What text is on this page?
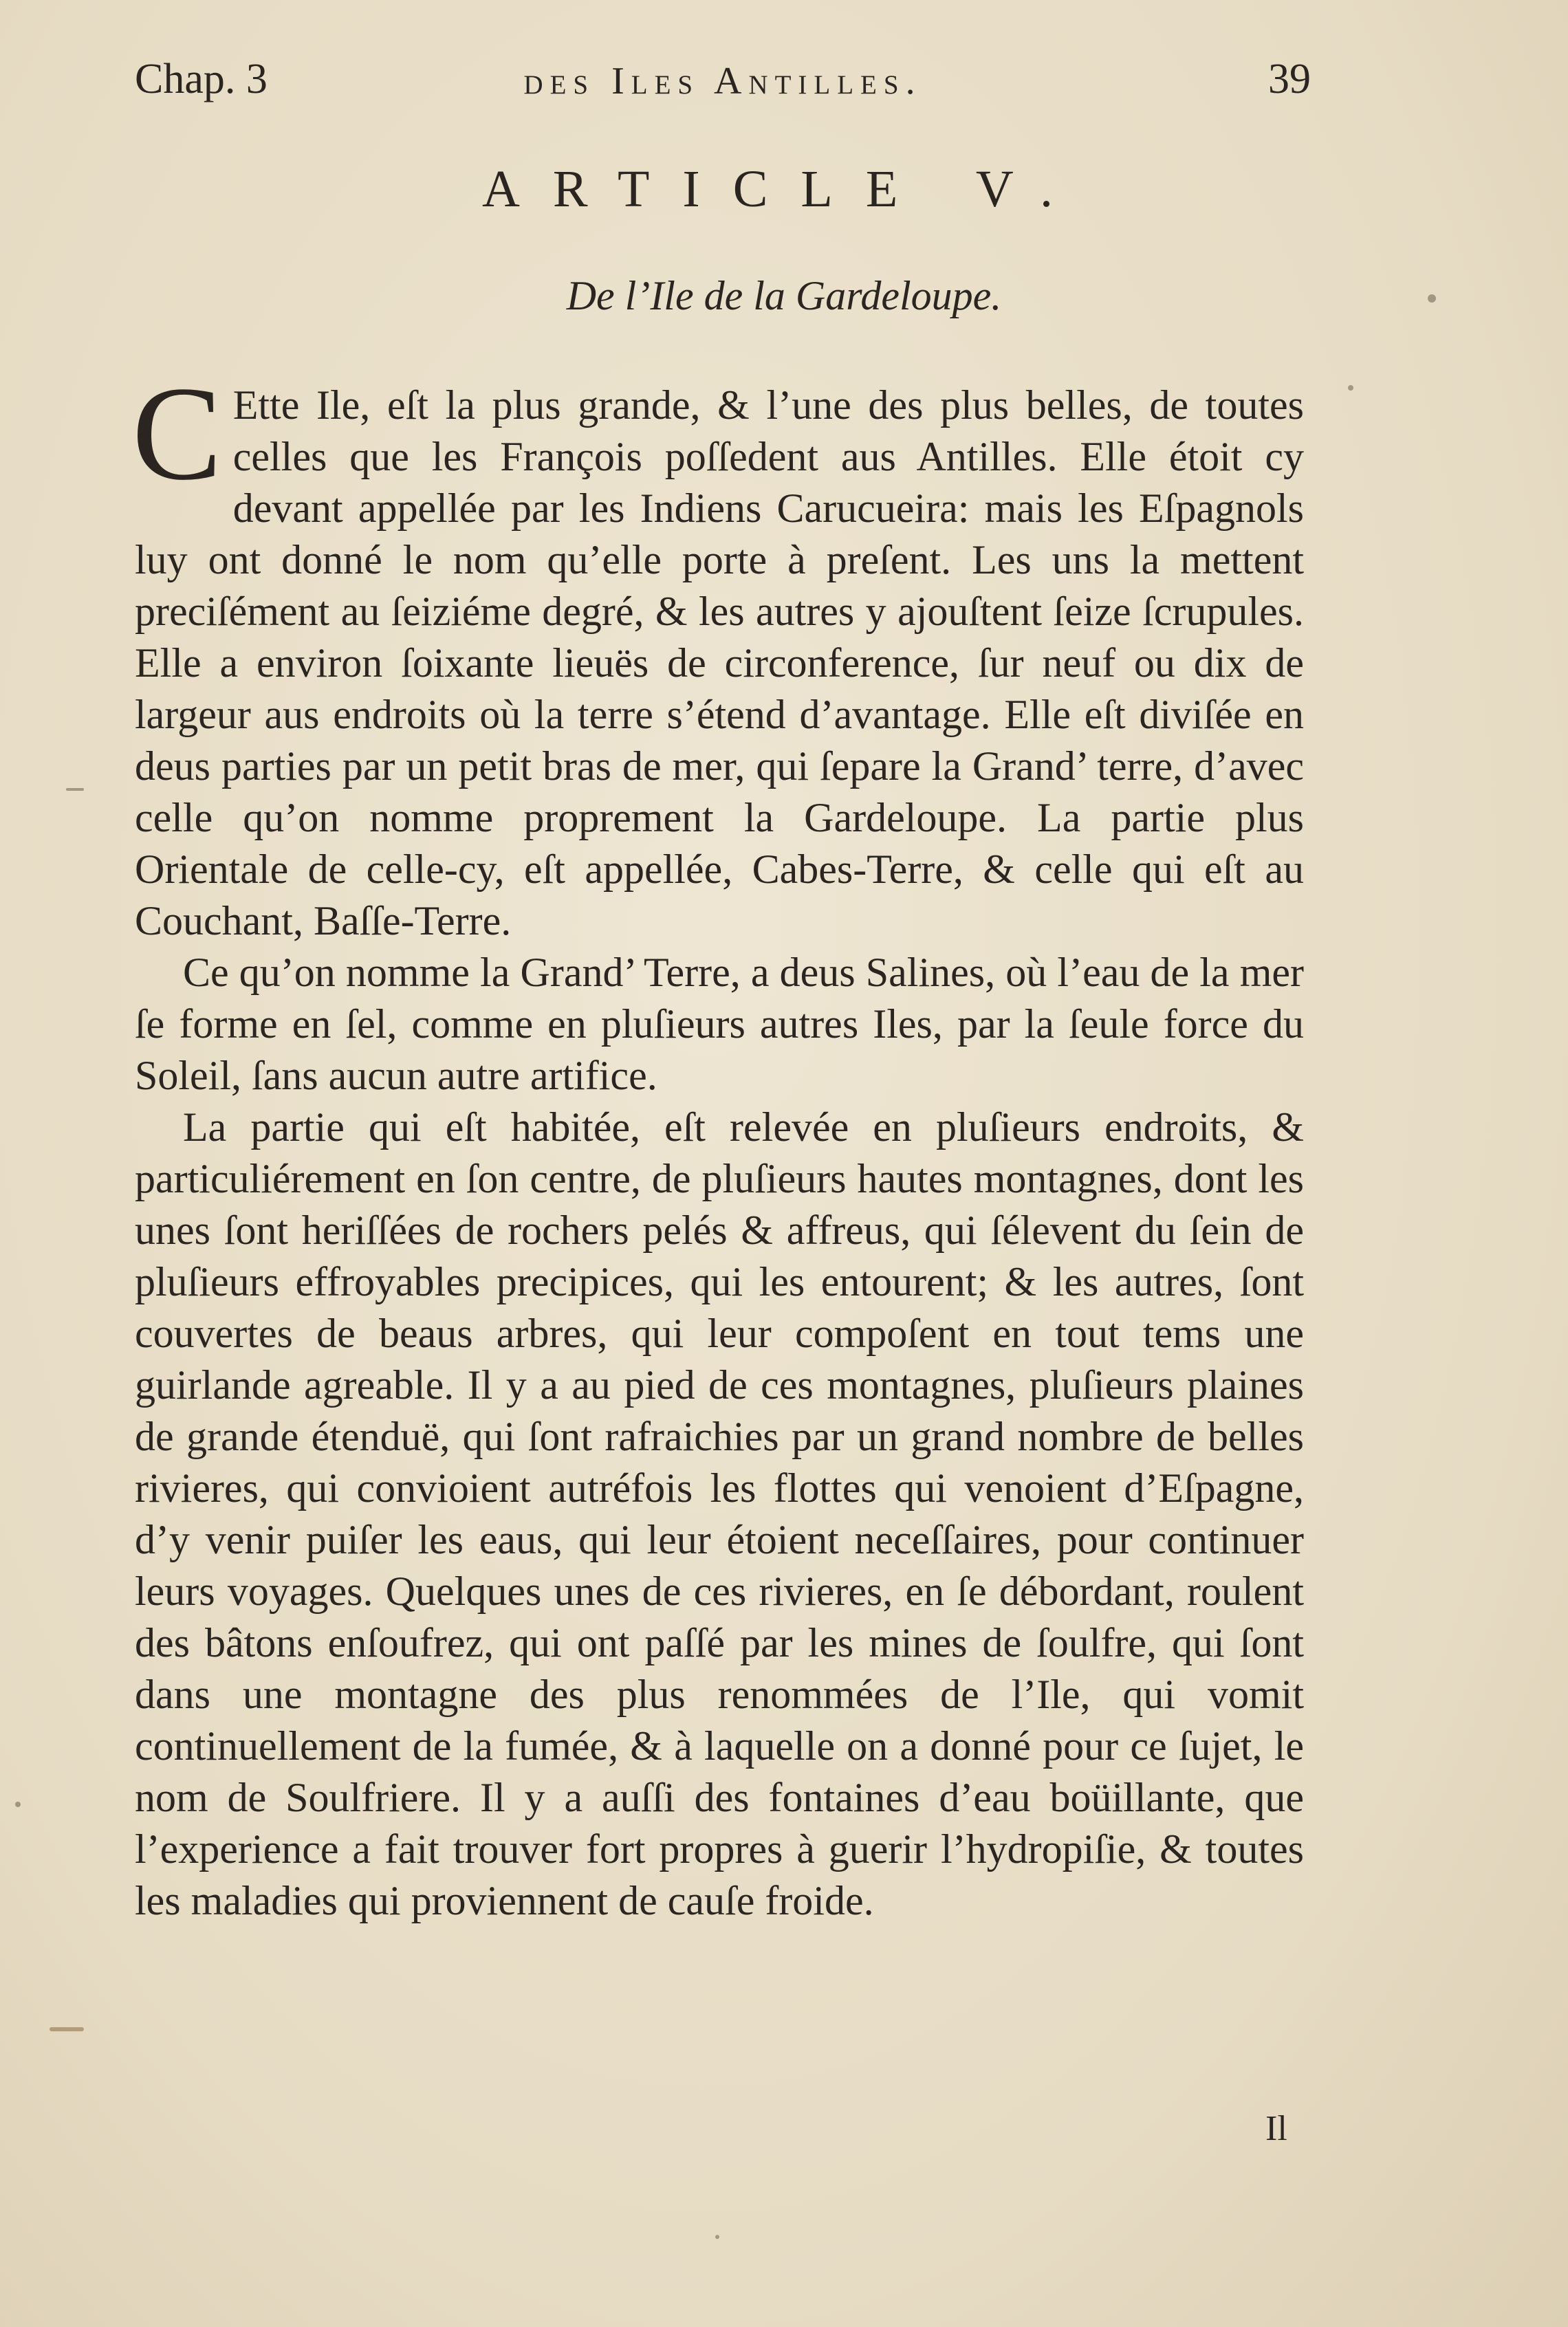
Chap. 3	des Iles Antilles.	39
ARTICLE V.
De l’Ile de la Gardeloupe.

C Ette Ile, eſt la plus grande, & l’une des plus belles, de toutes celles que les François poſſedent aus Antilles. Elle étoit cy devant appellée par les Indiens Carucueira: mais les Eſpagnols luy ont donné le nom qu’elle porte à preſent. Les uns la mettent preciſément au ſeiziéme degré, & les autres y ajouſtent ſeize ſcrupules. Elle a environ ſoixante lieuës de circonference, ſur neuf ou dix de largeur aus endroits où la terre s’étend d’avantage. Elle eſt diviſée en deus parties par un petit bras de mer, qui ſepare la Grand’ terre, d’avec celle qu’on nomme proprement la Gardeloupe. La partie plus Orientale de celle-cy, eſt appellée, Cabes-Terre, & celle qui eſt au Couchant, Baſſe-Terre.

Ce qu’on nomme la Grand’ Terre, a deus Salines, où l’eau de la mer ſe forme en ſel, comme en pluſieurs autres Iles, par la ſeule force du Soleil, ſans aucun autre artifice.

La partie qui eſt habitée, eſt relevée en pluſieurs endroits, & particuliérement en ſon centre, de pluſieurs hautes montagnes, dont les unes ſont heriſſées de rochers pelés & affreus, qui ſélevent du ſein de pluſieurs effroyables precipices, qui les entourent; & les autres, ſont couvertes de beaus arbres, qui leur compoſent en tout tems une guirlande agreable. Il y a au pied de ces montagnes, pluſieurs plaines de grande étenduë, qui ſont rafraichies par un grand nombre de belles rivieres, qui convioient autréfois les flottes qui venoient d’Eſpagne, d’y venir puiſer les eaus, qui leur étoient neceſſaires, pour continuer leurs voyages. Quelques unes de ces rivieres, en ſe débordant, roulent des bâtons enſoufrez, qui ont paſſé par les mines de ſoulfre, qui ſont dans une montagne des plus renommées de l’Ile, qui vomit continuellement de la fumée, & à laquelle on a donné pour ce ſujet, le nom de Soulfriere. Il y a auſſi des fontaines d’eau boüillante, que l’experience a fait trouver fort propres à guerir l’hydropiſie, & toutes les maladies qui proviennent de cauſe froide.

Il
